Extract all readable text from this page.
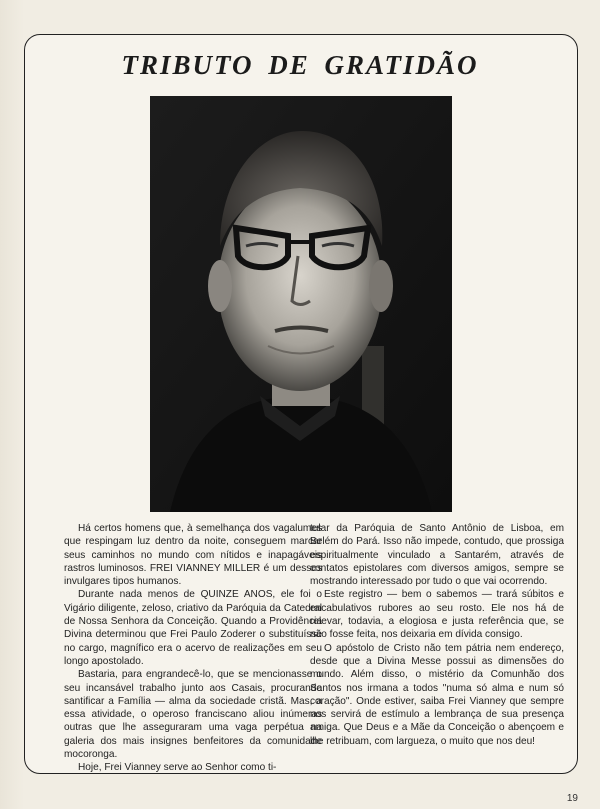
TRIBUTO DE GRATIDÃO

Há certos homens que, à semelhança dos vagalumes que respingam luz dentro da noite, conseguem marcar seus caminhos no mundo com nítidos e inapagáveis rastros luminosos. FREI VIANNEY MILLER é um desses invulgares tipos humanos.

Durante nada menos de QUINZE ANOS, ele foi o Vigário diligente, zeloso, criativo da Paróquia da Catedral de Nossa Senhora da Conceição. Quando a Providência Divina determinou que Frei Paulo Zoderer o substituísse no cargo, magnífico era o acervo de realizações em seu longo apostolado.

Bastaria, para engrandecê-lo, que se mencionasse o seu incansável trabalho junto aos Casais, procurando santificar a Família — alma da sociedade cristã. Mas, a essa atividade, o operoso franciscano aliou inúmeras outras que lhe asseguraram uma vaga perpétua na galeria dos mais insignes benfeitores da comunidade mocoronga.

Hoje, Frei Vianney serve ao Senhor como ti-

tular da Paróquia de Santo Antônio de Lisboa, em Belém do Pará. Isso não impede, contudo, que prossiga espiritualmente vinculado a Santarém, através de contatos epistolares com diversos amigos, sempre se mostrando interessado por tudo o que vai ocorrendo.

Este registro — bem o sabemos — trará súbitos e encabulativos rubores ao seu rosto. Ele nos há de relevar, todavia, a elogiosa e justa referência que, se não fosse feita, nos deixaria em dívida consigo.

O apóstolo de Cristo não tem pátria nem endereço, desde que a Divina Messe possui as dimensões do mundo. Além disso, o mistério da Comunhão dos Santos nos irmana a todos "numa só alma e num só coração". Onde estiver, saiba Frei Vianney que sempre nos servirá de estímulo a lembrança de sua presença amiga. Que Deus e a Mãe da Conceição o abençoem e lhe retribuam, com largueza, o muito que nos deu!

19
